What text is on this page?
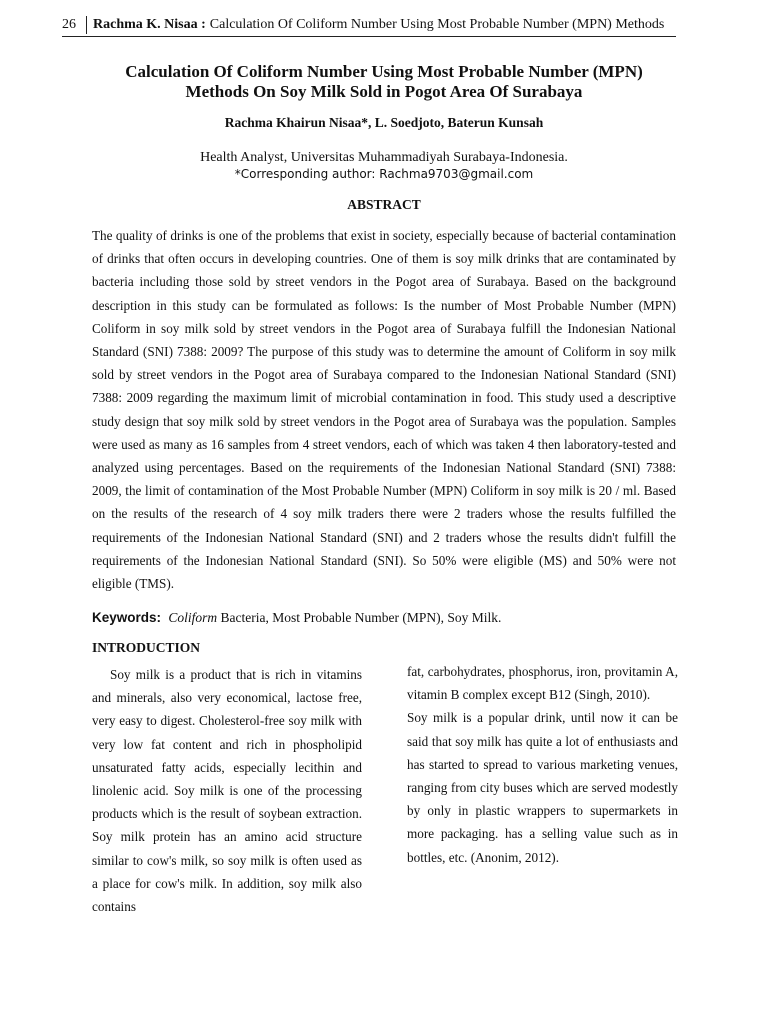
26	Rachma K. Nisaa : Calculation Of Coliform Number Using Most Probable Number (MPN) Methods
Calculation Of Coliform Number Using Most Probable Number (MPN)
Methods On Soy Milk Sold in Pogot Area Of Surabaya
Rachma Khairun Nisaa*, L. Soedjoto, Baterun Kunsah
Health Analyst, Universitas Muhammadiyah Surabaya-Indonesia.
*Corresponding author: Rachma9703@gmail.com
ABSTRACT

The quality of drinks is one of the problems that exist in society, especially because of bacterial contamination of drinks that often occurs in developing countries. One of them is soy milk drinks that are contaminated by bacteria including those sold by street vendors in the Pogot area of Surabaya. Based on the background description in this study can be formulated as follows: Is the number of Most Probable Number (MPN) Coliform in soy milk sold by street vendors in the Pogot area of Surabaya fulfill the Indonesian National Standard (SNI) 7388: 2009? The purpose of this study was to determine the amount of Coliform in soy milk sold by street vendors in the Pogot area of Surabaya compared to the Indonesian National Standard (SNI) 7388: 2009 regarding the maximum limit of microbial contamination in food. This study used a descriptive study design that soy milk sold by street vendors in the Pogot area of Surabaya was the population. Samples were used as many as 16 samples from 4 street vendors, each of which was taken 4 then laboratory-tested and analyzed using percentages. Based on the requirements of the Indonesian National Standard (SNI) 7388: 2009, the limit of contamination of the Most Probable Number (MPN) Coliform in soy milk is 20 / ml. Based on the results of the research of 4 soy milk traders there were 2 traders whose the results fulfilled the requirements of the Indonesian National Standard (SNI) and 2 traders whose the results didn't fulfill the requirements of the Indonesian National Standard (SNI). So 50% were eligible (MS) and 50% were not eligible (TMS).

Keywords: Coliform Bacteria, Most Probable Number (MPN), Soy Milk.
INTRODUCTION

Soy milk is a product that is rich in vitamins and minerals, also very economical, lactose free, very easy to digest. Cholesterol-free soy milk with very low fat content and rich in phospholipid unsaturated fatty acids, especially lecithin and linolenic acid. Soy milk is one of the processing products which is the result of soybean extraction. Soy milk protein has an amino acid structure similar to cow's milk, so soy milk is often used as a place for cow's milk. In addition, soy milk also contains

fat, carbohydrates, phosphorus, iron, provitamin A, vitamin B complex except B12 (Singh, 2010).

Soy milk is a popular drink, until now it can be said that soy milk has quite a lot of enthusiasts and has started to spread to various marketing venues, ranging from city buses which are served modestly by only in plastic wrappers to supermarkets in more packaging. has a selling value such as in bottles, etc. (Anonim, 2012).
